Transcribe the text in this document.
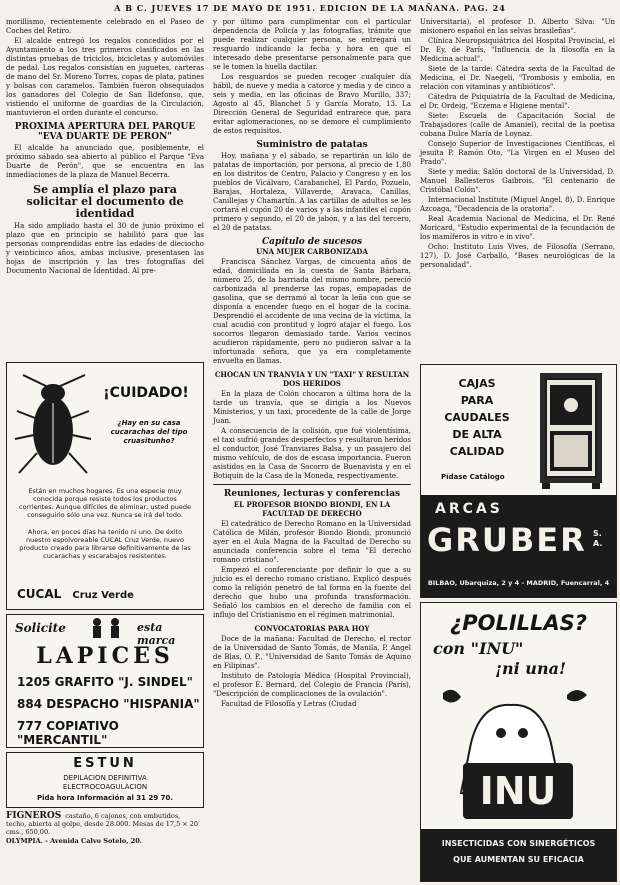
A B C. JUEVES 17 DE MAYO DE 1951. EDICION DE LA MAÑANA. PAG. 24

morillismo, recientemente celebrado en el Paseo de Coches del Retiro.

El alcalde entregó los regalos concedidos por el Ayuntamiento a los tres primeros clasificados en las distintas pruebas de triciclos, bicicletas y automóviles de pedal. Los regalos consistían en juguetes, carteras de mano del Sr. Moreno Torres, copas de plata, patines y bolsas con caramelos. También fueron obsequiados los ganadores del Colegio de San Ildefonso, que, vistiendo el uniforme de guardias de la Circulación, mantuvieron el orden durante el concurso.

PROXIMA APERTURA DEL PARQUE "EVA DUARTE DE PERON"

El alcalde ha anunciado que, posiblemente, el próximo sábado sea abierto al público el Parque "Eva Duarte de Perón", que se encuentra en las inmediaciones de la plaza de Manuel Becerra.

Se amplía el plazo para solicitar el documento de identidad

Ha sido ampliado hasta el 30 de junio próximo el plazo que en principio se habilitó para que las personas comprendidas entre las edades de dieciocho y veinticinco años, ambas inclusive, presentasen las hojas de inscripción y las tres fotografías del Documento Nacional de Identidad. Al pre-

¡CUIDADO!
¿Hay en su casa cucarachas del tipo cruasitunho?
Están en muchos hogares. Es una especie muy conocida porque resiste todos los productos corrientes. Aunque difíciles de eliminar, usted puede conseguirlo sólo una vez. Nunca se irá del todo.
Ahora, en pocos días ha tenido ni uno. De éxito nuestro espolvoreable CUCAL Cruz Verde, nuevo producto creado para librarse definitivamente de las cucarachas y escarabajos resistentes.
CUCAL Cruz Verde
Solicite	esta marca
LAPICES
1205 GRAFITO "J. SINDEL"
884 DESPACHO "HISPANIA"
777 COPIATIVO "MERCANTIL"
ESTUN
DEPILACION DEFINITIVA
ELECTROCOAGULACION
Pida hora Información al 31 29 70.
FIGNEROS castaño, 6 cajones, con embutidos, techo, abierta al golpe, desde 28.000. Mesas de 17,5 × 20 cms., 650,00.
OLYMPIA. - Avenida Calvo Sotelo, 20.

y por último para cumplimentar con el particular dependencia de Policía y las fotografías, trámite que puede realizar cualquier persona, se entregará un resguardo indicando la fecha y hora en que el interesado debe presentarse personalmente para que se le tomen la huella dactilar.

Los resguardos se pueden recoger cualquier día hábil, de nueve y media a catorce y media y de cinco a seis y media, en las oficinas de Bravo Murillo, 337; Agosto al 45, Blanchet 5 y García Morato, 13. La Dirección General de Seguridad entrarece que, para evitar aglomeraciones, no se demore el cumplimiento de estos requisitos.

Suministro de patatas

Hoy, mañana y el sábado, se repartirán un kilo de patatas de importación, por persona, al precio de 1,80 en los distritos de Centro, Palacio y Congreso y en los pueblos de Vicálvaro, Carabanchel, El Pardo, Pozuelo, Barajas, Hortaleza, Villaverde, Aravaca, Canillas, Canillejas y Chamartín. A las cartillas de adultos se les cortará el cupón 20 de varios y a las infantiles el cupón primero y segundo, el 20 de jabón, y a las del tercero, el 20 de patatas.

Capítulo de sucesos
UNA MUJER CARBONIZADA

Francisca Sánchez Vargas, de cincuenta años de edad, domiciliada en la cuesta de Santa Bárbara, número 25, de la barriada del mismo nombre, pereció carbonizada al prenderse las ropas, empapadas de gasolina, que se derramó al tocar la leña con que se disponía a encender fuego en el hogar de la cocina. Desprendió el accidente de una vecina de la víctima, la cual acudió con prontitud y logró atajar el fuego. Los socorros llegaron demasiado tarde. Varios vecinos acudieron rápidamente, pero no pudieron salvar a la infortunada señora, que ya era completamente envuelta en llamas.

CHOCAN UN TRANVIA Y UN "TAXI" Y RESULTAN DOS HERIDOS

En la plaza de Colón chocaron a última hora de la tarde un tranvía, que se dirigía a los Nuevos Ministerios, y un taxi, procedente de la calle de Jorge Juan.

A consecuencia de la colisión, que fué violentísima, el taxi sufrió grandes desperfectos y resultaron heridos el conductor, José Tranviares Balsa, y un pasajero del mismo vehículo, de dos de escasa importancia. Fueron asistidos en la Casa de Socorro de Buenavista y en el Botiquín de la Casa de la Moneda, respectivamente.

Reuniones, lecturas y conferencias
EL PROFESOR BIONDO BIONDI, EN LA FACULTAD DE DERECHO

El catedrático de Derecho Romano en la Universidad Católica de Milán, profesor Biondo Biondi, pronunció ayer en el Aula Magna de la Facultad de Derecho su anunciada conferencia sobre el tema "El derecho romano cristiano".

Empezó el conferenciante por definir lo que a su juicio es el derecho romano cristiano. Explicó después como la religión penetró de tal forma en la fuente del derecho que hubo una profunda transformación. Señaló los cambios en el derecho de familia con el influjo del Cristianismo en el régimen matrimonial.

CONVOCATORIAS PARA HOY

Doce de la mañana: Facultad de Derecho, el rector de la Universidad de Santo Tomás, de Manila, P. Angel de Blas, O. P., "Universidad de Santo Tomás de Aquino en Filipinas".

Instituto de Patología Médica (Hospital Provincial), el profesor E. Bernard, del Colegio de Francia (París), "Descripción de complicaciones de la ovulación".

Facultad de Filosofía y Letras (Ciudad

Universitaria), el profesor D. Alberto Silva: "Un misionero español en las selvas brasileñas".

Clínica Neuropsiquiátrica del Hospital Provincial, el Dr. Ey, de París, "Influencia de la filosofía en la Medicina actual".

Siete de la tarde: Cátedra sexta de la Facultad de Medicina, el Dr. Naegeli, "Trombosis y embolia, en relación con vitaminas y antibióticos".

Cátedra de Psiquiatría de la Facultad de Medicina, el Dr. Ordeig, "Eczema e Higiene mental".

Siete: Escuela de Capacitación Social de Trabajadores (calle de Amaniel), recital de la poetisa cubana Dulce María de Loynaz.

Consejo Superior de Investigaciones Científicas, el jesuita P. Ramón Oto, "La Virgen en el Museo del Prado".

Siete y media: Salón doctoral de la Universidad, D. Manuel Ballesteros Gaibrois, "El centenario de Cristóbal Colón".

Internacional Institute (Miguel Angel, 8), D. Enrique Azcoaga, "Decadencia de la oratoria".

Real Academia Nacional de Medicina, el Dr. René Moricard, "Estudio experimental de la fecundación de los mamíferos in vitro e in vivo".

Ocho: Instituto Luis Vives, de Filosofía (Serrano, 127), D. José Carballo, "Bases neurológicas de la personalidad".

CAJAS
PARA
CAUDALES
DE ALTA
CALIDAD
Pídase Catálogo
ARCAS
GRUBER S. A.
BILBAO, Ubarquiza, 2 y 4 - MADRID, Fuencarral, 4
¿POLILLAS?
con "INU"
¡ni una!
INU
INSECTICIDAS CON SINERGÉTICOS
QUE AUMENTAN SU EFICACIA
